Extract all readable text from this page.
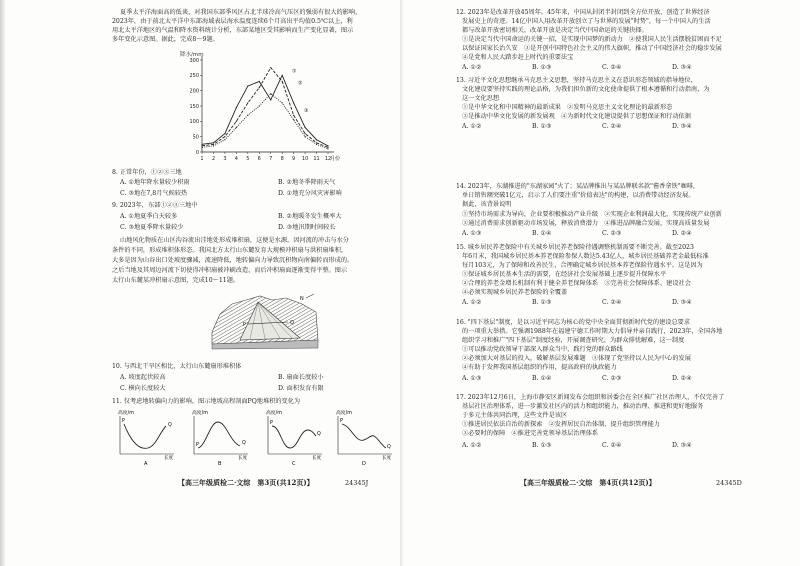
夏季太平洋海面高的低谈，对我国东部季风区占北半球冷高气压区的强弱有很大的影响，
2023年，由于前北太平洋中东部海域表层海水温度连续6个月高出平均值0.5℃以上，利
用北太平洋地区的气温和降水资料统计分析，东部某地区受其影响而生产变化显著，图示
多年变化示意图。据此，完成8～9题。
降水/mm
0
50
100
150
200
250
300
1 2 3 4 5 6 7 8 9 10 11 12
月份
①
②
③
8. 正常年份，①②③三地
A. ①地年降水量较少积雨	B. ②地冬季降雨天气
C. ③地在7,8月气候较热	D. ①地充分风灾害影响
9. 2023年，东部①②③三地中
A. ①地夏季白天较多	B. ②地暖冬发生概率大
C. ③地夏季降水量较少	D. ③地汛期时间较长
山地风化物质在山区沟谷流出洼地处形成堆积扇，这便是水源，因河流的冲击与水分
条件的不同，形成堆积体形态。我国北方太行山东麓发育大规模冲积扇与洪积扇堆积，
大多是因为山谷出口处坡度骤减，流速降低，地转偏向力导致沉积物向南偏转而形成的。
之后当地及其周边河流下切使得冲积扇被冲刷改造，而后冲积扇面逐渐变得平整。图示
太行山东麓某冲积扇示意图，完成10～11题。
P	Q
N
10. 与西北干旱区相比，太行山东麓扇形堆积体
A. 坡度起伏较高	B. 扇面长度较小
C. 横向长度较大	D. 面积发育有限
11. 仅考虑地转偏向力的影响，图示地坡高程剖面PQ地堆积的变化为
高度/m
P
Q
长度
A
高度/m
P	Q
长度
B
高度/m
P
Q
长度
C
高度/m
P
Q
长度
D
【高三年级质检二·文综　第3页(共12页)】	24345J
12. 2023年是改革开放45周年。45年来，中国从封闭半封闭到全方位开放，创造了世界经济
发展史上的奇迹。14亿中国人用改革开放创立了与世界的发展"时势"，每一个中国人的生活
都与改革开放密切相关，改革开放是决定当代中国命运的关键抉择。
①是决定当代中国命运的关键一招，是实现中国梦的新动力　②使我国人民生活摆脱贫困而不足
以保证国家长治久安　③是开创中国特色社会主义的伟大旗帜，推动了中国经济社会的稳步发展
④是党和人民大踏步赶上时代的重要法宝
A. ①②	B. ①③	C. ②④	D. ③④
13. 习近平文化思想继承马克思主义思想，坚持马克思主义在意识形态领域的指导地位，
文化建设要坚持实践的理论品格，为我们担负新的文化使命提供了根本遵循和行动指南，为
这一文化思想
①是中华文化和中国精神的最新成果　②发明马克思主义文化理论的最新形态
③是推动中华文化发展的新发展观　④为新时代文化建设提供了思想保证和行动依据
A. ①②	B. ①③	C. ②④	D. ③④
14. 2023年，东湖推进的"东湖家园"火了；某品牌推出与某品牌联名款"酱香拿铁"咖啡，
单日销售额突破1亿元，启示了人们要注重"价值表达"的构建，以消费带动经济发展。
据此，该背景说明
①坚持市场需求为导向，企业要积极推动产业升级　②实现企业利润最大化，实现传统产业创新
③通过消费需求创新驱动市场发展，释放消费潜力　④推进品牌融合发展，实现高质量发展
A. ①③	B. ①④	C. ②③	D. ②④
15. 城乡居民养老保险中有关城乡居民养老保险待遇调整机制需要不断完善。截至2023
年6月末，我国城乡居民基本养老保险参保人数达5.43亿人，城乡居民基础养老金最低标准
每月103元，为了保障和改善民生，合理确定城乡居民基本养老保险待遇水平。这是因为
①保证城乡居民基本生活的需要，在经济社会发展基础上逐步提升保障水平
②合理的养老金增长机制有利于健全养老保障体系　③完善社会保障体系，建设社会
④必须实现城乡居民养老保险的全覆盖
A. ①②	B. ①③	C. ②④	D. ③④
16. "四下基层"制度，是以习近平同志为核心的党中央全面贯彻新时代党的建设总要求
的一项重大举措。它强调1988年在福建宁德工作时期大力倡导并亲自践行，2023年，全国各地
组织学习和推广"四下基层"制度经验，开展调查研究，为群众排忧解难，这一制度
①可以推动党政领导干部深入群众当中，践行党的群众路线
②必须加大对基层的投入，破解基层发展难题　③体现了党坚持以人民为中心的发展
④有助于发挥我国基层组织的作用，提高政府的执政能力
A. ①③	B. ①④	C. ②③	D. ②④
17. 2023年12月6日，上海市静安区新闻发布会组织和居委会在全区推广社区治理人，不仅完善了
基层社区治理体系，进一步激发社区内的活力和组织能力，推动治理、推进和更好地服务
于多元主体共同治理，这些文件是该区
①推进居民依法自治的新探索　②发挥居民自治体制，提升组织管理能力
③必要时的保障　④推进完善党领导基层治理体系
A. ①②	B. ①③	C. ②④	D. ③④
【高三年级质检二·文综　第4页(共12页)】	24345D
